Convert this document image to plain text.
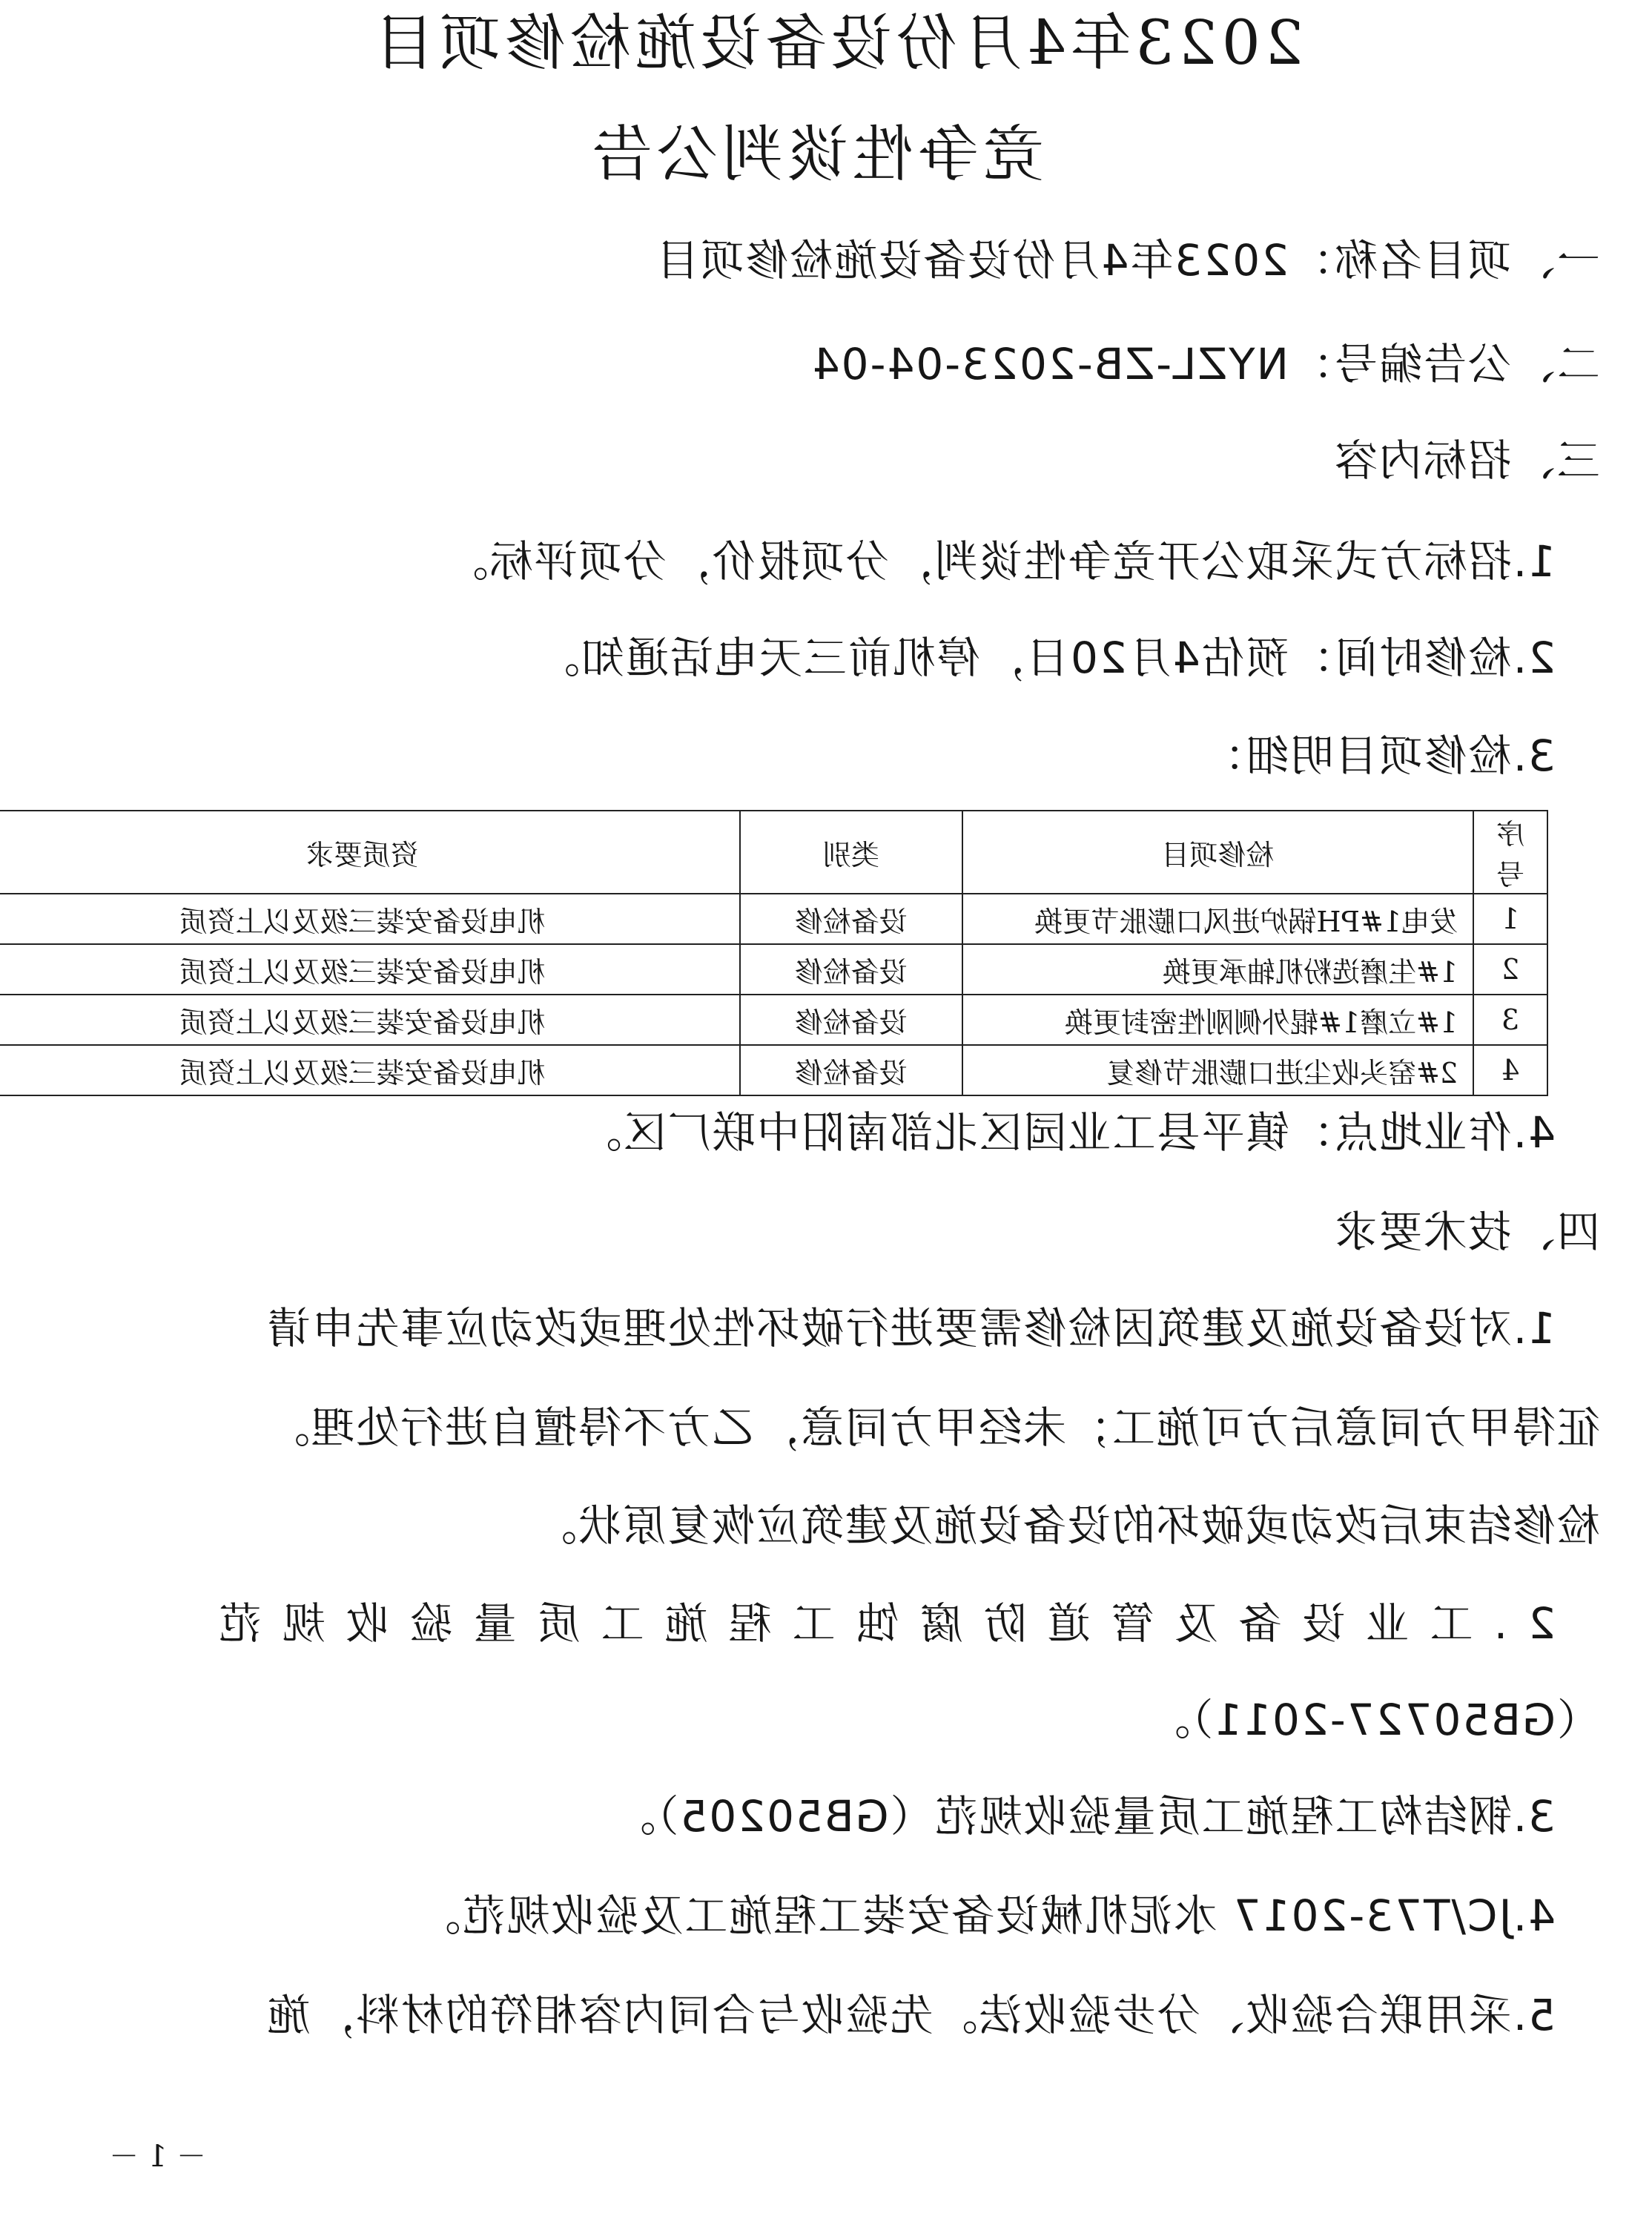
2023年4月份设备设施检修项目
竞争性谈判公告
一、项目名称：2023年4月份设备设施检修项目
二、公告编号：NYZL-ZB-2023-04-04
三、招标内容
1.招标方式采取公开竞争性谈判，分项报价，分项评标。
2.检修时间：预估4月20日，停机前三天电话通知。
3.检修项目明细：
序号	检修项目	类别	资质要求
1	发电1#PH锅炉进风口膨胀节更换	设备检修	机电设备安装三级及以上资质
2	1#生磨选粉机轴承更换	设备检修	机电设备安装三级及以上资质
3	1#立磨1#辊外侧刚性密封更换	设备检修	机电设备安装三级及以上资质
4	2#窑头收尘进口膨胀节修复	设备检修	机电设备安装三级及以上资质
4.作业地点：镇平县工业园区北部南阳中联厂区。
四、技术要求
1.对设备设施及建筑因检修需要进行破坏性处理或改动应事先申请
征得甲方同意后方可施工；未经甲方同意，乙方不得擅自进行处理。
检修结束后改动或破坏的设备设施及建筑应恢复原状。
2.工业设备及管道防腐蚀工程施工质量验收规范
（GB50727-2011）。
3.钢结构工程施工质量验收规范（GB50205）。
4.JC/T73-2017 水泥机械设备安装工程施工及验收规范。
5.采用联合验收、分步验收法。先验收与合同内容相符的材料，施
－ 1 －
